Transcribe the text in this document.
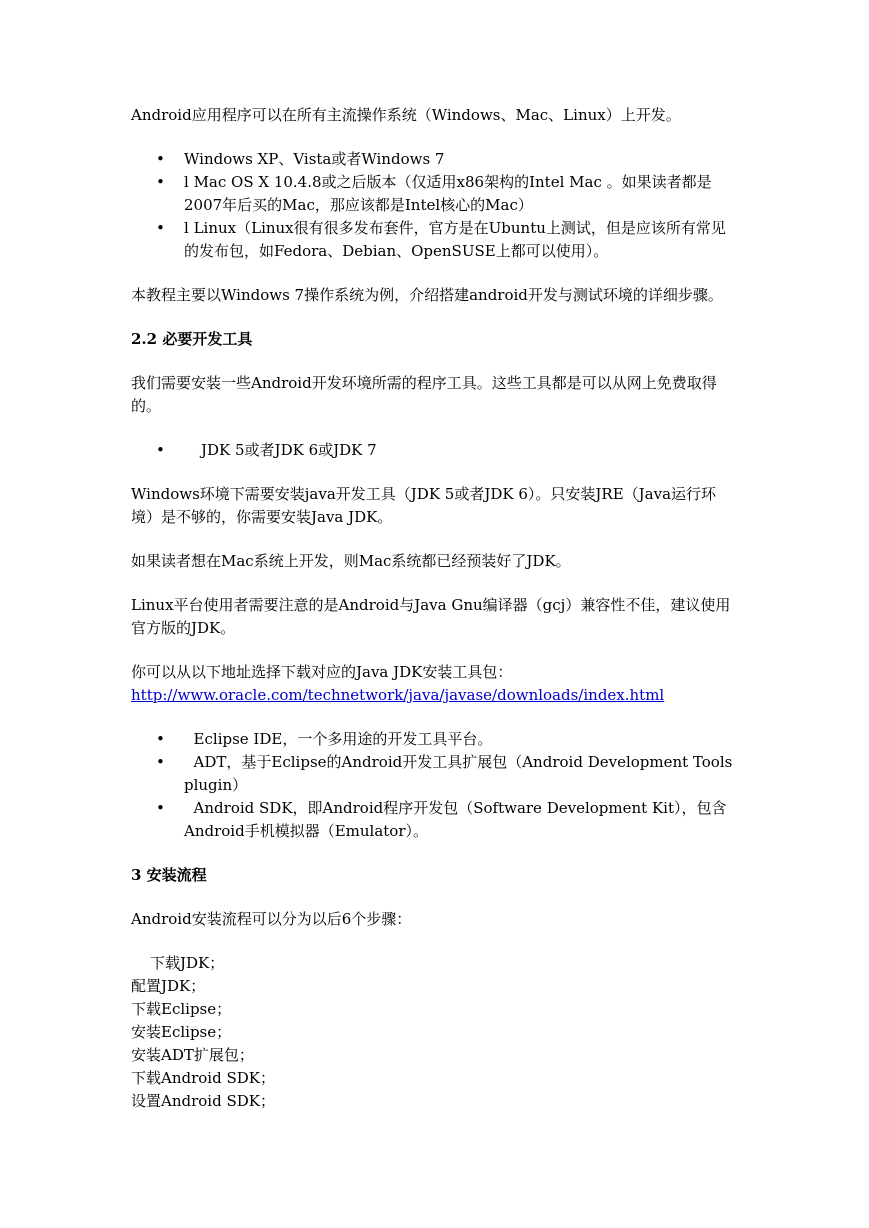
Android应用程序可以在所有主流操作系统（Windows、Mac、Linux）上开发。

• Windows XP、Vista或者Windows 7
• l Mac OS X 10.4.8或之后版本（仅适用x86架构的Intel Mac 。如果读者都是2007年后买的Mac，那应该都是Intel核心的Mac）
• l Linux（Linux很有很多发布套件，官方是在Ubuntu上测试，但是应该所有常见的发布包，如Fedora、Debian、OpenSUSE上都可以使用）。

本教程主要以Windows 7操作系统为例，介绍搭建android开发与测试环境的详细步骤。

2.2 必要开发工具

我们需要安装一些Android开发环境所需的程序工具。这些工具都是可以从网上免费取得的。

• JDK 5或者JDK 6或JDK 7

Windows环境下需要安装java开发工具（JDK 5或者JDK 6）。只安装JRE（Java运行环境）是不够的，你需要安装Java JDK。

如果读者想在Mac系统上开发，则Mac系统都已经预装好了JDK。

Linux平台使用者需要注意的是Android与Java Gnu编译器（gcj）兼容性不佳，建议使用官方版的JDK。

你可以从以下地址选择下载对应的Java JDK安装工具包：
http://www.oracle.com/technetwork/java/javase/downloads/index.html

• Eclipse IDE，一个多用途的开发工具平台。
• ADT，基于Eclipse的Android开发工具扩展包（Android Development Tools plugin）
• Android SDK，即Android程序开发包（Software Development Kit），包含Android手机模拟器（Emulator）。
3 安装流程

Android安装流程可以分为以后6个步骤：

下载JDK；

配置JDK；

下载Eclipse；

安装Eclipse；

安装ADT扩展包；

下载Android SDK；

设置Android SDK；
